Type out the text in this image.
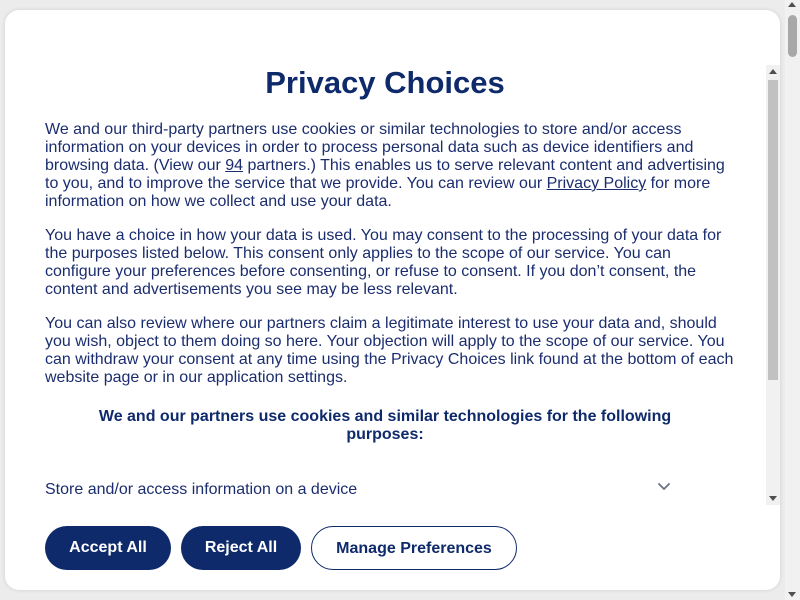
Privacy Choices

We and our third-party partners use cookies or similar technologies to store and/or access information on your devices in order to process personal data such as device identifiers and browsing data. (View our 94 partners.) This enables us to serve relevant content and advertising to you, and to improve the service that we provide. You can review our Privacy Policy for more information on how we collect and use your data.

You have a choice in how your data is used. You may consent to the processing of your data for the purposes listed below. This consent only applies to the scope of our service. You can configure your preferences before consenting, or refuse to consent. If you don’t consent, the content and advertisements you see may be less relevant.

You can also review where our partners claim a legitimate interest to use your data and, should you wish, object to them doing so here. Your objection will apply to the scope of our service. You can withdraw your consent at any time using the Privacy Choices link found at the bottom of each website page or in our application settings.

We and our partners use cookies and similar technologies for the following purposes:

Store and/or access information on a device
Accept All	Reject All	Manage Preferences
